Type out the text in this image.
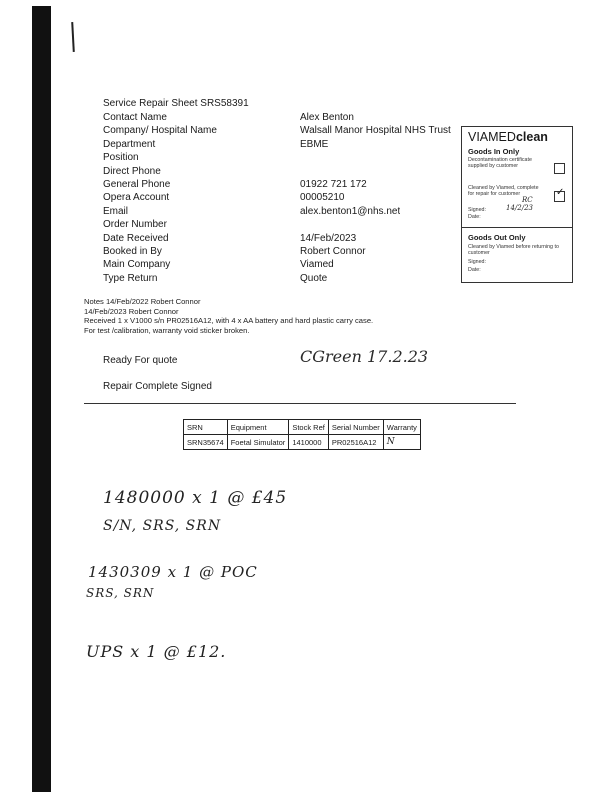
Service Repair Sheet SRS58391
Contact Name	Alex Benton
Company/ Hospital Name	Walsall Manor Hospital NHS Trust
Department	EBME
Position
Direct Phone
General Phone	01922 721 172
Opera Account	00005210
Email	alex.benton1@nhs.net
Order Number
Date Received	14/Feb/2023
Booked in By	Robert Connor
Main Company	Viamed
Type Return	Quote
VIAMEDclean
Goods In Only
Decontamination certificate supplied by customer
Cleaned by Viamed, complete for repair for customer	✓
RC
Signed:	14/2/23
Date:
Goods Out Only
Cleaned by Viamed before returning to customer
Signed:
Date:
Notes 14/Feb/2022 Robert Connor
14/Feb/2023 Robert Connor
Received 1 x V1000 s/n PR02516A12, with 4 x AA battery and hard plastic carry case.
For test /calibration, warranty void sticker broken.
Ready For quote	CGreen 17.2.23
Repair Complete Signed
SRN	Equipment	Stock Ref	Serial Number	Warranty
SRN35674	Foetal Simulator	1410000	PR02516A12	N
1480000 x 1 @ £45
S/N, SRS, SRN
1430309 x 1 @ POC
SRS, SRN
UPS x 1 @ £12.
